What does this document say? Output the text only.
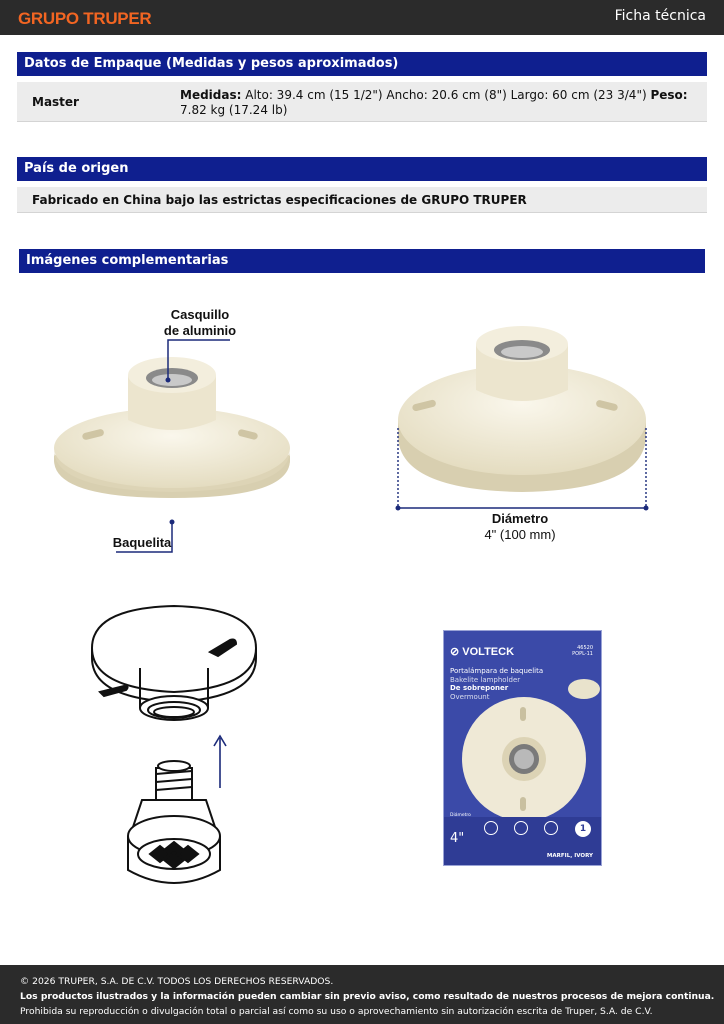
GRUPO TRUPER	Ficha técnica
Datos de Empaque (Medidas y pesos aproximados)
Master	Medidas: Alto: 39.4 cm (15 1/2") Ancho: 20.6 cm (8") Largo: 60 cm (23 3/4") Peso: 7.82 kg (17.24 lb)
País de origen
Fabricado en China bajo las estrictas especificaciones de GRUPO TRUPER
Imágenes complementarias
Casquillo
de aluminio
Baquelita
Diámetro
4" (100 mm)
⊘ VOLTECK	46520
POPL-11
Portalámpara de baquelita
Bakelite lampholder
De sobreponer
Overmount
Diámetro
4"
1
MARFIL, IVORY
© 2026 TRUPER, S.A. DE C.V. TODOS LOS DERECHOS RESERVADOS.
Los productos ilustrados y la información pueden cambiar sin previo aviso, como resultado de nuestros procesos de mejora continua.
Prohibida su reproducción o divulgación total o parcial así como su uso o aprovechamiento sin autorización escrita de Truper, S.A. de C.V.
